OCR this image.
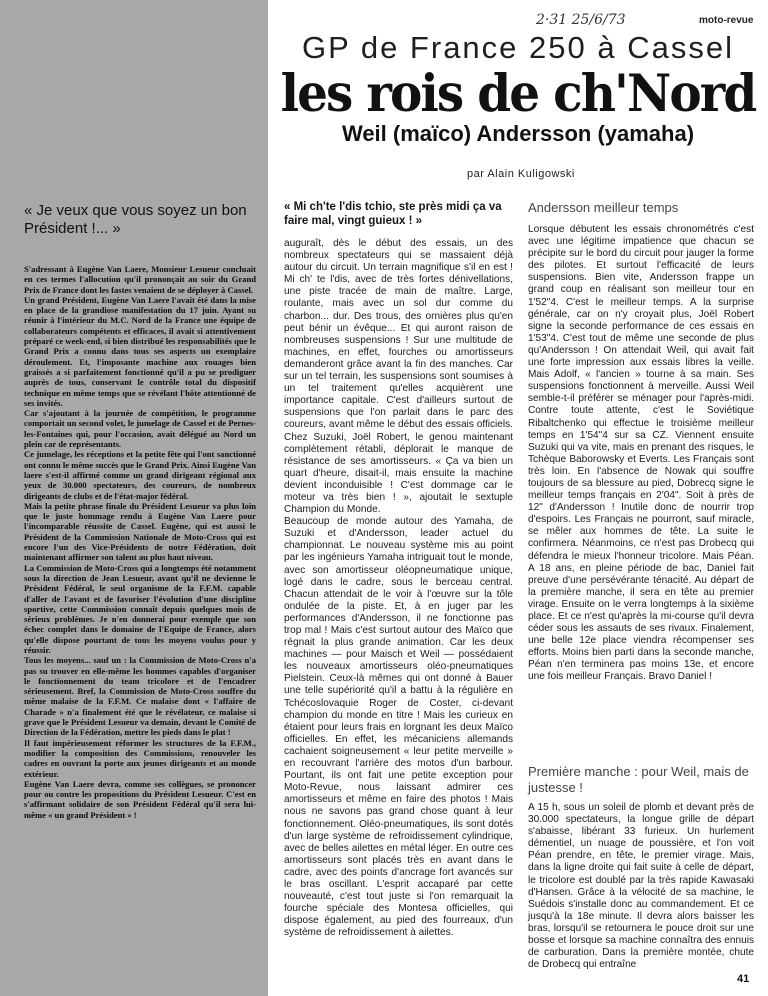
« Je veux que vous soyez un bon Président !... »

S'adressant à Eugène Van Laere, Monsieur Lesueur concluait en ces termes l'allocution qu'il prononçait au soir du Grand Prix de France dont les fastes venaient de se déployer à Cassel.

Un grand Président, Eugène Van Laere l'avait été dans la mise en place de la grandiose manifestation du 17 juin. Ayant su réunir à l'intérieur du M.C. Nord de la France une équipe de collaborateurs compétents et efficaces, il avait si attentivement préparé ce week-end, si bien distribué les responsabilités que le Grand Prix a connu dans tous ses aspects un exemplaire déroulement. Et, l'imposante machine aux rouages bien graissés a si parfaitement fonctionné qu'il a pu se prodiguer auprès de tous, conservant le contrôle total du dispositif technique en même temps que se révélant l'hôte attentionné de ses invités.

Car s'ajoutant à la journée de compétition, le programme comportait un second volet, le jumelage de Cassel et de Pernes-les-Fontaines qui, pour l'occasion, avait délégué au Nord un plein car de représentants.

Ce jumelage, les réceptions et la petite fête qui l'ont sanctionné ont connu le même succès que le Grand Prix. Ainsi Eugène Van laere s'est-il affirmé comme un grand dirigeant régional aux yeux de 30.000 spectateurs, des coureurs, de nombreux dirigeants de clubs et de l'état-major fédéral.

Mais la petite phrase finale du Président Lesueur va plus loin que le juste hommage rendu à Eugène Van Laere pour l'incomparable réussite de Cassel. Eugène, qui est aussi le Président de la Commission Nationale de Moto-Cross qui est encore l'un des Vice-Présidents de notre Fédération, doit maintenant affirmer son talent au plus haut niveau.

La Commission de Moto-Cross qui a longtemps été notamment sous la direction de Jean Lesueur, avant qu'il ne devienne le Président Fédéral, le seul organisme de la F.F.M. capable d'aller de l'avant et de favoriser l'évolution d'une discipline sportive, cette Commission connaît depuis quelques mois de sérieux problèmes. Je n'en donnerai pour exemple que son échec complet dans le domaine de l'Equipe de France, alors qu'elle dispose pourtant de tous les moyens voulus pour y réussir.

Tous les moyens... sauf un : la Commission de Moto-Cross n'a pas su trouver en elle-même les hommes capables d'organiser le fonctionnement du team tricolore et de l'encadrer sérieusement. Bref, la Commission de Moto-Cross souffre du même malaise de la F.F.M. Ce malaise dont « l'affaire de Charade » n'a finalement été que le révélateur, ce malaise si grave que le Président Lesueur va demain, devant le Comité de Direction de la Fédération, mettre les pieds dans le plat !

Il faut impérieusement réformer les structures de la F.F.M., modifier la composition des Commissions, renouveler les cadres en ouvrant la porte aux jeunes dirigeants et au monde extérieur.

Eugène Van Laere devra, comme ses collègues, se prononcer pour ou contre les propositions du Président Lesueur. C'est en s'affirmant solidaire de son Président Fédéral qu'il sera lui-même « un grand Président » !

2·31 25/6/73	moto-revue
GP de France 250 à Cassel
les rois de ch'Nord
Weil (maïco) Andersson (yamaha)
par Alain Kuligowski
« Mi ch'te l'dis tchio, ste près midi ça va faire mal, vingt guieux ! »

auguraît, dès le début des essais, un des nombreux spectateurs qui se massaient déjà autour du circuit. Un terrain magnifique s'il en est ! Mi ch' te l'dis, avec de très fortes dénivellations, une piste tracée de main de maître. Large, roulante, mais avec un sol dur comme du charbon... dur. Des trous, des ornières plus qu'en peut bénir un évêque... Et qui auront raison de nombreuses suspensions ! Sur une multitude de machines, en effet, fourches ou amortisseurs demanderont grâce avant la fin des manches. Car sur un tel terrain, les suspensions sont soumises à un tel traitement qu'elles acquièrent une importance capitale. C'est d'ailleurs surtout de suspensions que l'on parlait dans le parc des coureurs, avant même le début des essais officiels. Chez Suzuki, Joël Robert, le genou maintenant complètement rétabli, déplorait le manque de résistance de ses amortisseurs. « Ça va bien un quart d'heure, disait-il, mais ensuite la machine devient inconduisible ! C'est dommage car le moteur va très bien ! », ajoutait le sextuple Champion du Monde.

Beaucoup de monde autour des Yamaha, de Suzuki et d'Andersson, leader actuel du championnat. Le nouveau système mis au point par les ingénieurs Yamaha intriguait tout le monde, avec son amortisseur oléopneumatique unique, logé dans le cadre, sous le berceau central. Chacun attendait de le voir à l'œuvre sur la tôle ondulée de la piste. Et, à en juger par les performances d'Andersson, il ne fonctionne pas trop mal ! Mais c'est surtout autour des Maïco que régnait la plus grande animation. Car les deux machines — pour Maisch et Weil — possédaient les nouveaux amortisseurs oléo-pneumatiques Pielstein. Ceux-là mêmes qui ont donné à Bauer une telle supériorité qu'il a battu à la régulière en Tchécoslovaquie Roger de Coster, ci-devant champion du monde en titre ! Mais les curieux en étaient pour leurs frais en lorgnant les deux Maïco officielles. En effet, les mécaniciens allemands cachaient soigneusement « leur petite merveille » en recouvrant l'arrière des motos d'un barbour. Pourtant, ils ont fait une petite exception pour Moto-Revue, nous laissant admirer ces amortisseurs et même en faire des photos ! Mais nous ne savons pas grand chose quant à leur fonctionnement. Oléo-pneumatiques, ils sont dotés d'un large système de refroidissement cylindrique, avec de belles ailettes en métal léger. En outre ces amortisseurs sont placés très en avant dans le cadre, avec des points d'ancrage fort avancés sur le bras oscillant. L'esprit accaparé par cette nouveauté, c'est tout juste si l'on remarquait la fourche spéciale des Montesa officielles, qui dispose également, au pied des fourreaux, d'un système de refroidissement à ailettes.

Andersson meilleur temps

Lorsque débutent les essais chronométrés c'est avec une légitime impatience que chacun se précipite sur le bord du circuit pour jauger la forme des pilotes. Et surtout l'efficacité de leurs suspensions. Bien vite, Andersson frappe un grand coup en réalisant son meilleur tour en 1'52"4. C'est le meilleur temps. A la surprise générale, car on n'y croyait plus, Joël Robert signe la seconde performance de ces essais en 1'53"4. C'est tout de même une seconde de plus qu'Andersson ! On attendait Weil, qui avait fait une forte impression aux essais libres la veille. Mais Adolf, « l'ancien » tourne à sa main. Ses suspensions fonctionnent à merveille. Aussi Weil semble-t-il préférer se ménager pour l'après-midi. Contre toute attente, c'est le Soviétique Ribaltchenko qui effectue le troisième meilleur temps en 1'54"4 sur sa CZ. Viennent ensuite Suzuki qui va vite, mais en prenant des risques, le Tchèque Baborowsky et Everts. Les Français sont très loin. En l'absence de Nowak qui souffre toujours de sa blessure au pied, Dobrecq signe le meilleur temps français en 2'04". Soit à près de 12" d'Andersson ! Inutile donc de nourrir trop d'espoirs. Les Français ne pourront, sauf miracle, se mêler aux hommes de tête. La suite le confirmera. Néanmoins, ce n'est pas Drobecq qui défendra le mieux l'honneur tricolore. Mais Péan. A 18 ans, en pleine période de bac, Daniel fait preuve d'une persévérante ténacité. Au départ de la première manche, il sera en tête au premier virage. Ensuite on le verra longtemps à la sixième place. Et ce n'est qu'après la mi-course qu'il devra céder sous les assauts de ses rivaux. Finalement, une belle 12e place viendra récompenser ses efforts. Moins bien parti dans la seconde manche, Péan n'en terminera pas moins 13e, et encore une fois meilleur Français. Bravo Daniel !

Première manche : pour Weil, mais de justesse !

A 15 h, sous un soleil de plomb et devant près de 30.000 spectateurs, la longue grille de départ s'abaisse, libérant 33 furieux. Un hurlement démentiel, un nuage de poussière, et l'on voit Péan prendre, en tête, le premier virage. Mais, dans la ligne droite qui fait suite à celle de départ, le tricolore est doublé par la très rapide Kawasaki d'Hansen. Grâce à la vélocité de sa machine, le Suédois s'installe donc au commandement. Et ce jusqu'à la 18e minute. Il devra alors baisser les bras, lorsqu'il se retournera le pouce droit sur une bosse et lorsque sa machine connaîtra des ennuis de carburation. Dans la première montée, chute de Drobecq qui entraîne

41
